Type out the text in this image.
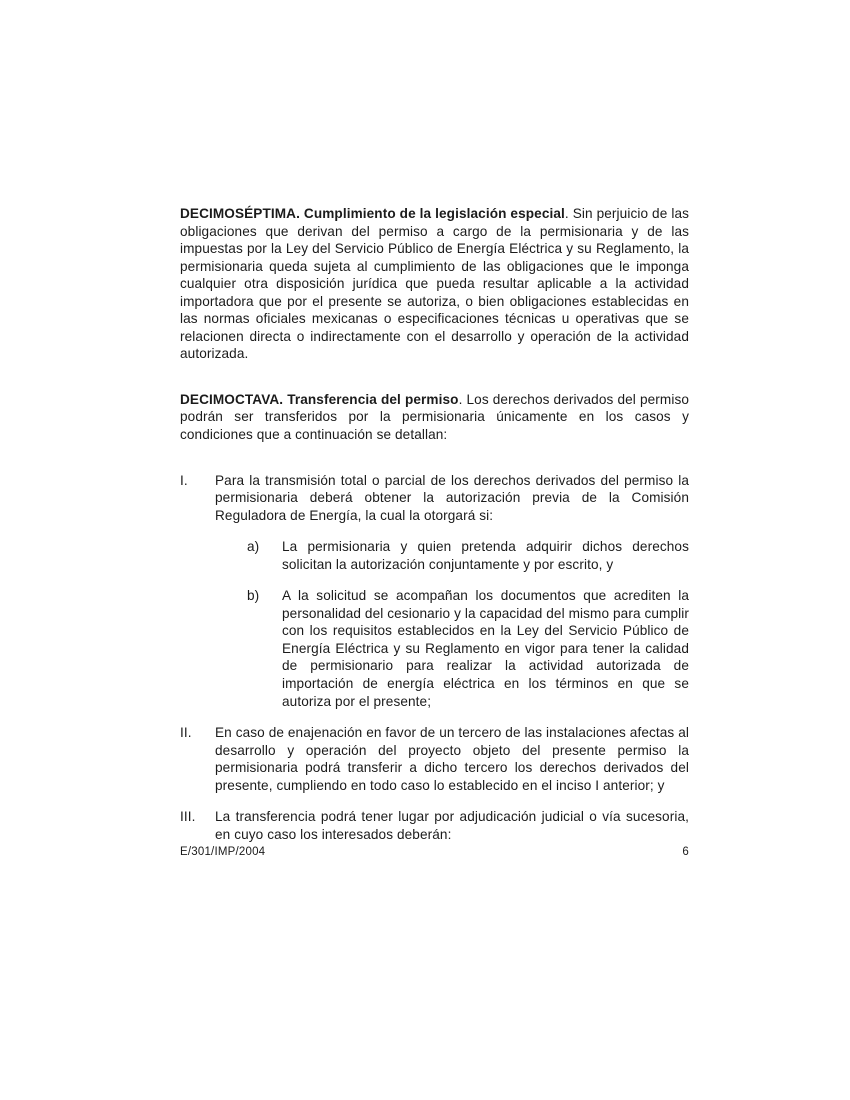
DECIMOSÉPTIMA. Cumplimiento de la legislación especial. Sin perjuicio de las obligaciones que derivan del permiso a cargo de la permisionaria y de las impuestas por la Ley del Servicio Público de Energía Eléctrica y su Reglamento, la permisionaria queda sujeta al cumplimiento de las obligaciones que le imponga cualquier otra disposición jurídica que pueda resultar aplicable a la actividad importadora que por el presente se autoriza, o bien obligaciones establecidas en las normas oficiales mexicanas o especificaciones técnicas u operativas que se relacionen directa o indirectamente con el desarrollo y operación de la actividad autorizada.

DECIMOCTAVA. Transferencia del permiso. Los derechos derivados del permiso podrán ser transferidos por la permisionaria únicamente en los casos y condiciones que a continuación se detallan:

I.	Para la transmisión total o parcial de los derechos derivados del permiso la permisionaria deberá obtener la autorización previa de la Comisión Reguladora de Energía, la cual la otorgará si:
a)	La permisionaria y quien pretenda adquirir dichos derechos solicitan la autorización conjuntamente y por escrito, y
b)	A la solicitud se acompañan los documentos que acrediten la personalidad del cesionario y la capacidad del mismo para cumplir con los requisitos establecidos en la Ley del Servicio Público de Energía Eléctrica y su Reglamento en vigor para tener la calidad de permisionario para realizar la actividad autorizada de importación de energía eléctrica en los términos en que se autoriza por el presente;
II.	En caso de enajenación en favor de un tercero de las instalaciones afectas al desarrollo y operación del proyecto objeto del presente permiso la permisionaria podrá transferir a dicho tercero los derechos derivados del presente, cumpliendo en todo caso lo establecido en el inciso I anterior; y
III.	La transferencia podrá tener lugar por adjudicación judicial o vía sucesoria, en cuyo caso los interesados deberán:
E/301/IMP/2004	6
